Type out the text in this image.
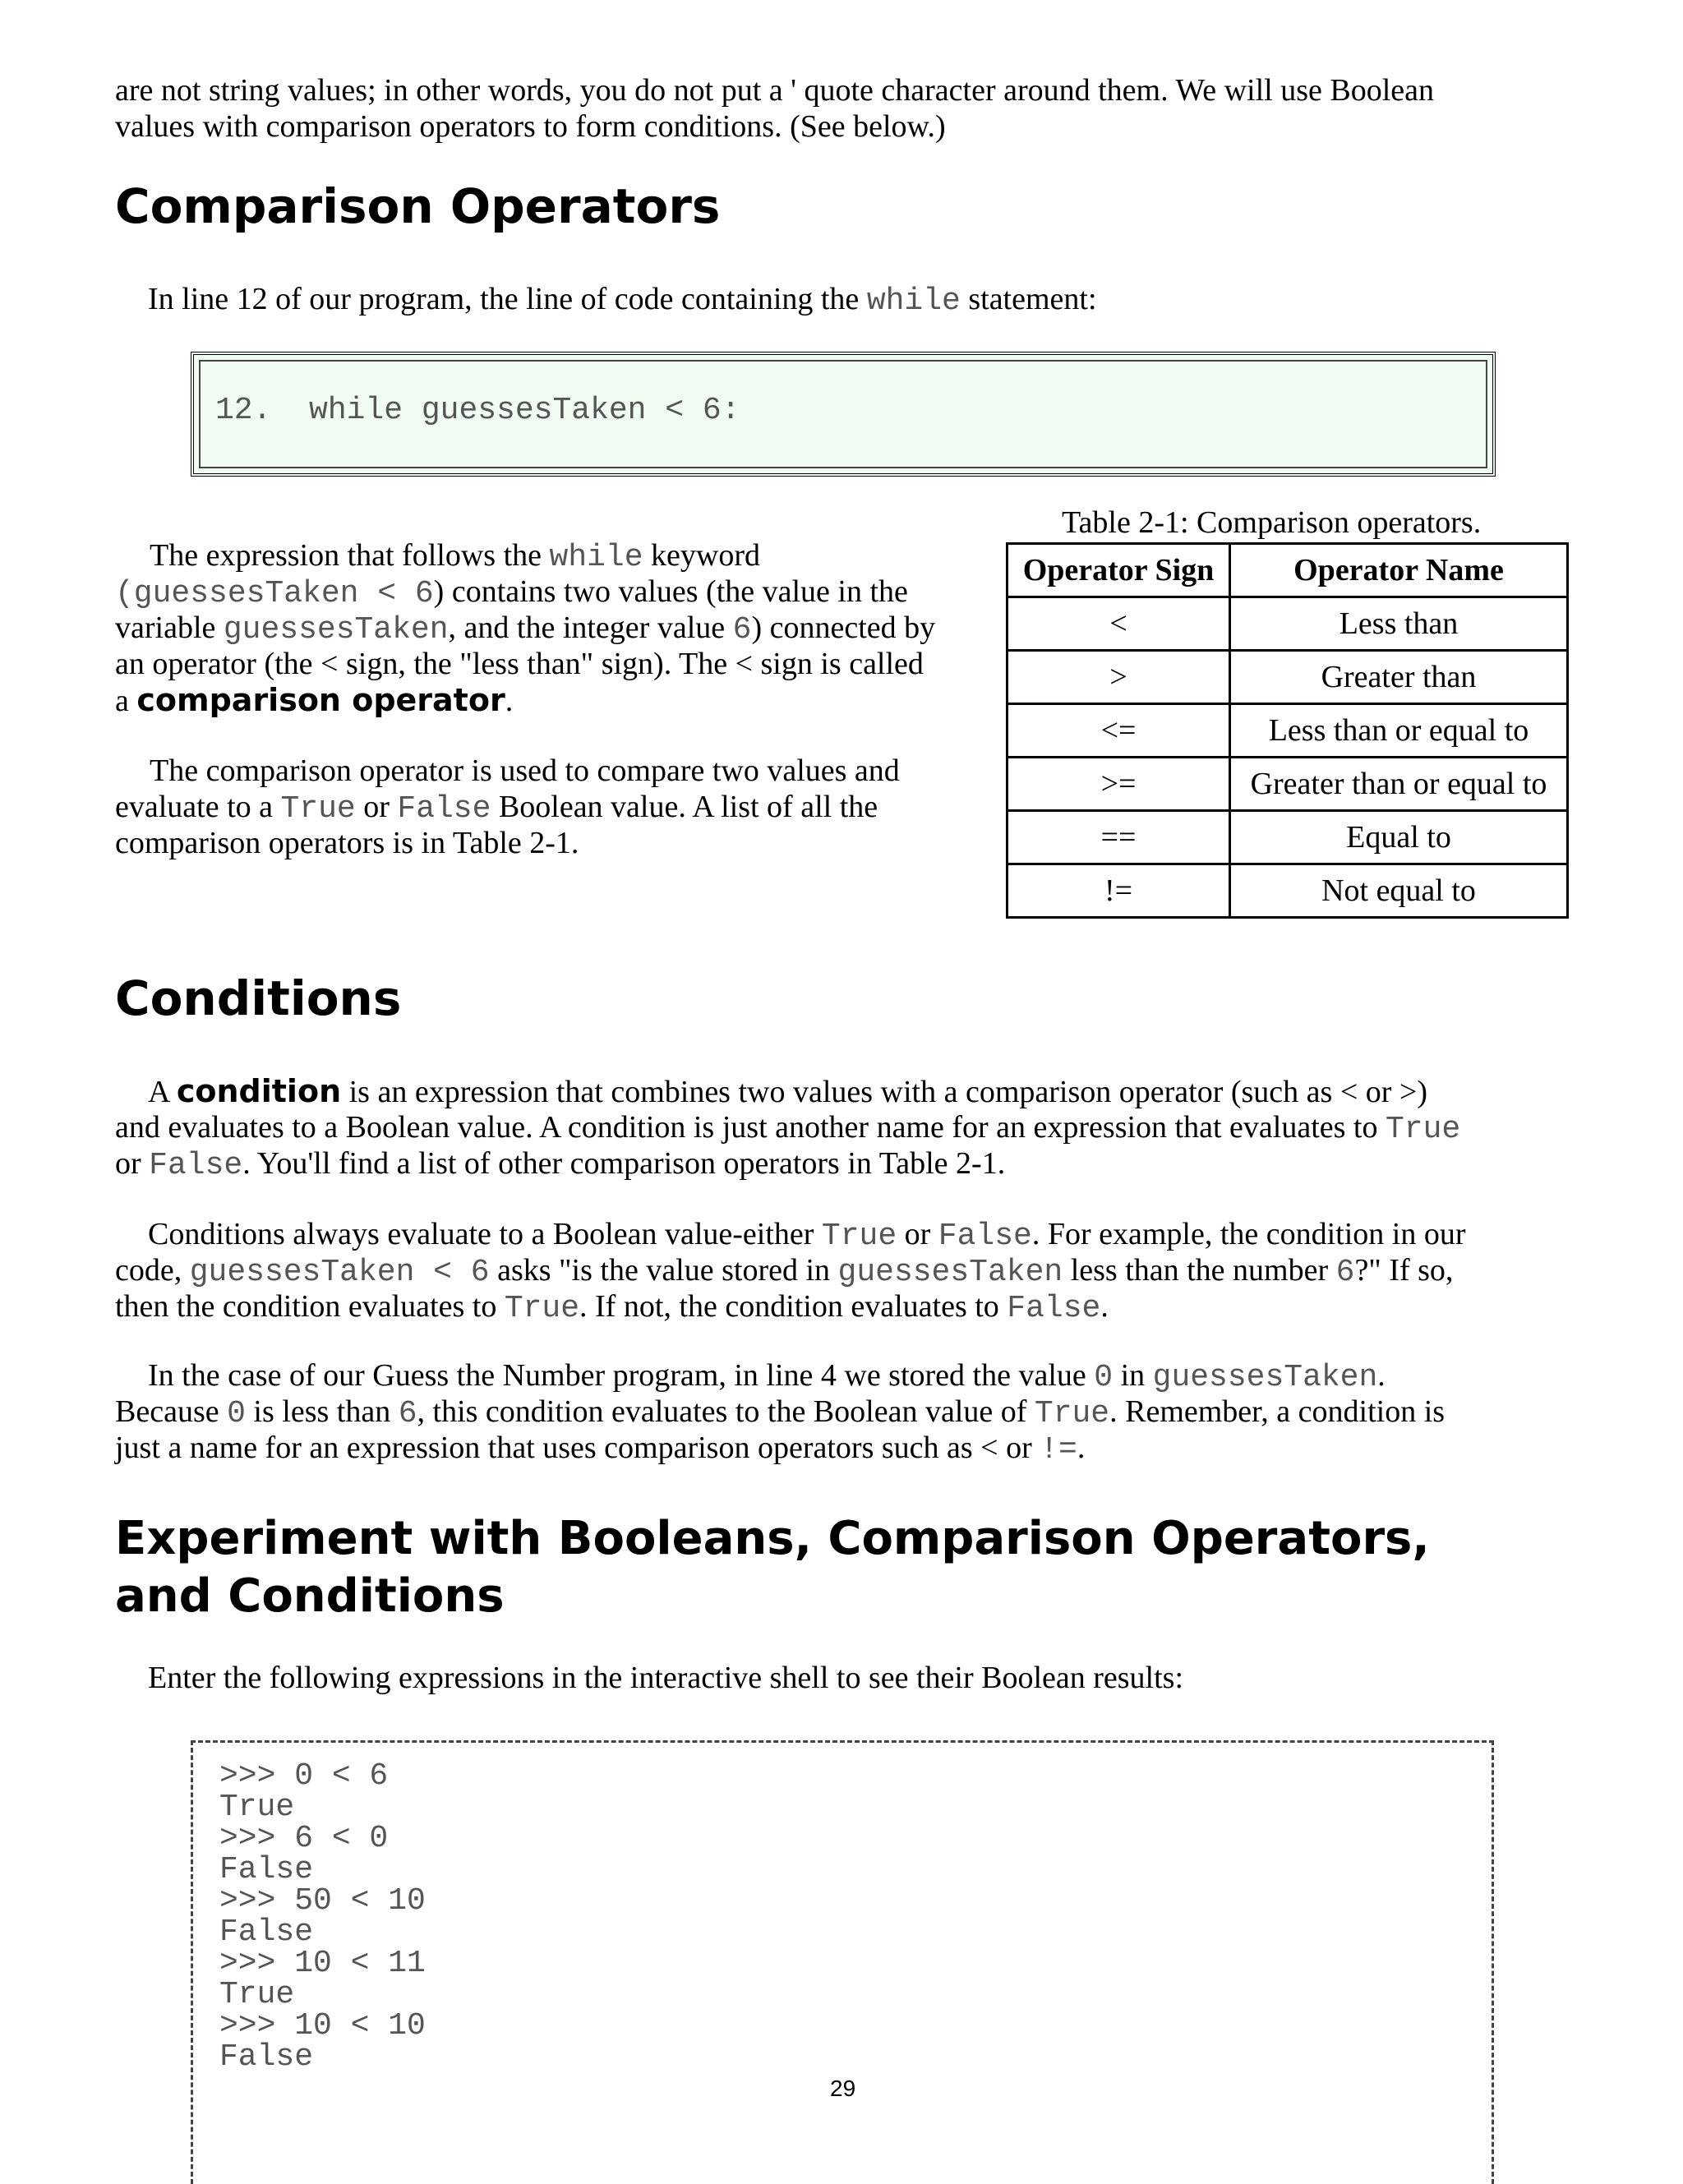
are not string values; in other words, you do not put a ' quote character around them. We will use Boolean

values with comparison operators to form conditions. (See below.)

Comparison Operators

In line 12 of our program, the line of code containing the while statement:

12.  while guessesTaken < 6:

The expression that follows the while keyword

(guessesTaken < 6) contains two values (the value in the

variable guessesTaken, and the integer value 6) connected by

an operator (the < sign, the "less than" sign). The < sign is called

a comparison operator.

The comparison operator is used to compare two values and

evaluate to a True or False Boolean value. A list of all the

comparison operators is in Table 2-1.

Table 2-1: Comparison operators.
Operator Sign	Operator Name
<	Less than
>	Greater than
<=	Less than or equal to
>=	Greater than or equal to
==	Equal to
!=	Not equal to
Conditions

A condition is an expression that combines two values with a comparison operator (such as < or >)

and evaluates to a Boolean value. A condition is just another name for an expression that evaluates to True

or False. You'll find a list of other comparison operators in Table 2-1.

Conditions always evaluate to a Boolean value-either True or False. For example, the condition in our

code, guessesTaken < 6 asks "is the value stored in guessesTaken less than the number 6?" If so,

then the condition evaluates to True. If not, the condition evaluates to False.

In the case of our Guess the Number program, in line 4 we stored the value 0 in guessesTaken.

Because 0 is less than 6, this condition evaluates to the Boolean value of True. Remember, a condition is

just a name for an expression that uses comparison operators such as < or !=.

Experiment with Booleans, Comparison Operators,
and Conditions

Enter the following expressions in the interactive shell to see their Boolean results:

>>> 0 < 6
True
>>> 6 < 0
False
>>> 50 < 10
False
>>> 10 < 11
True
>>> 10 < 10
False
29
